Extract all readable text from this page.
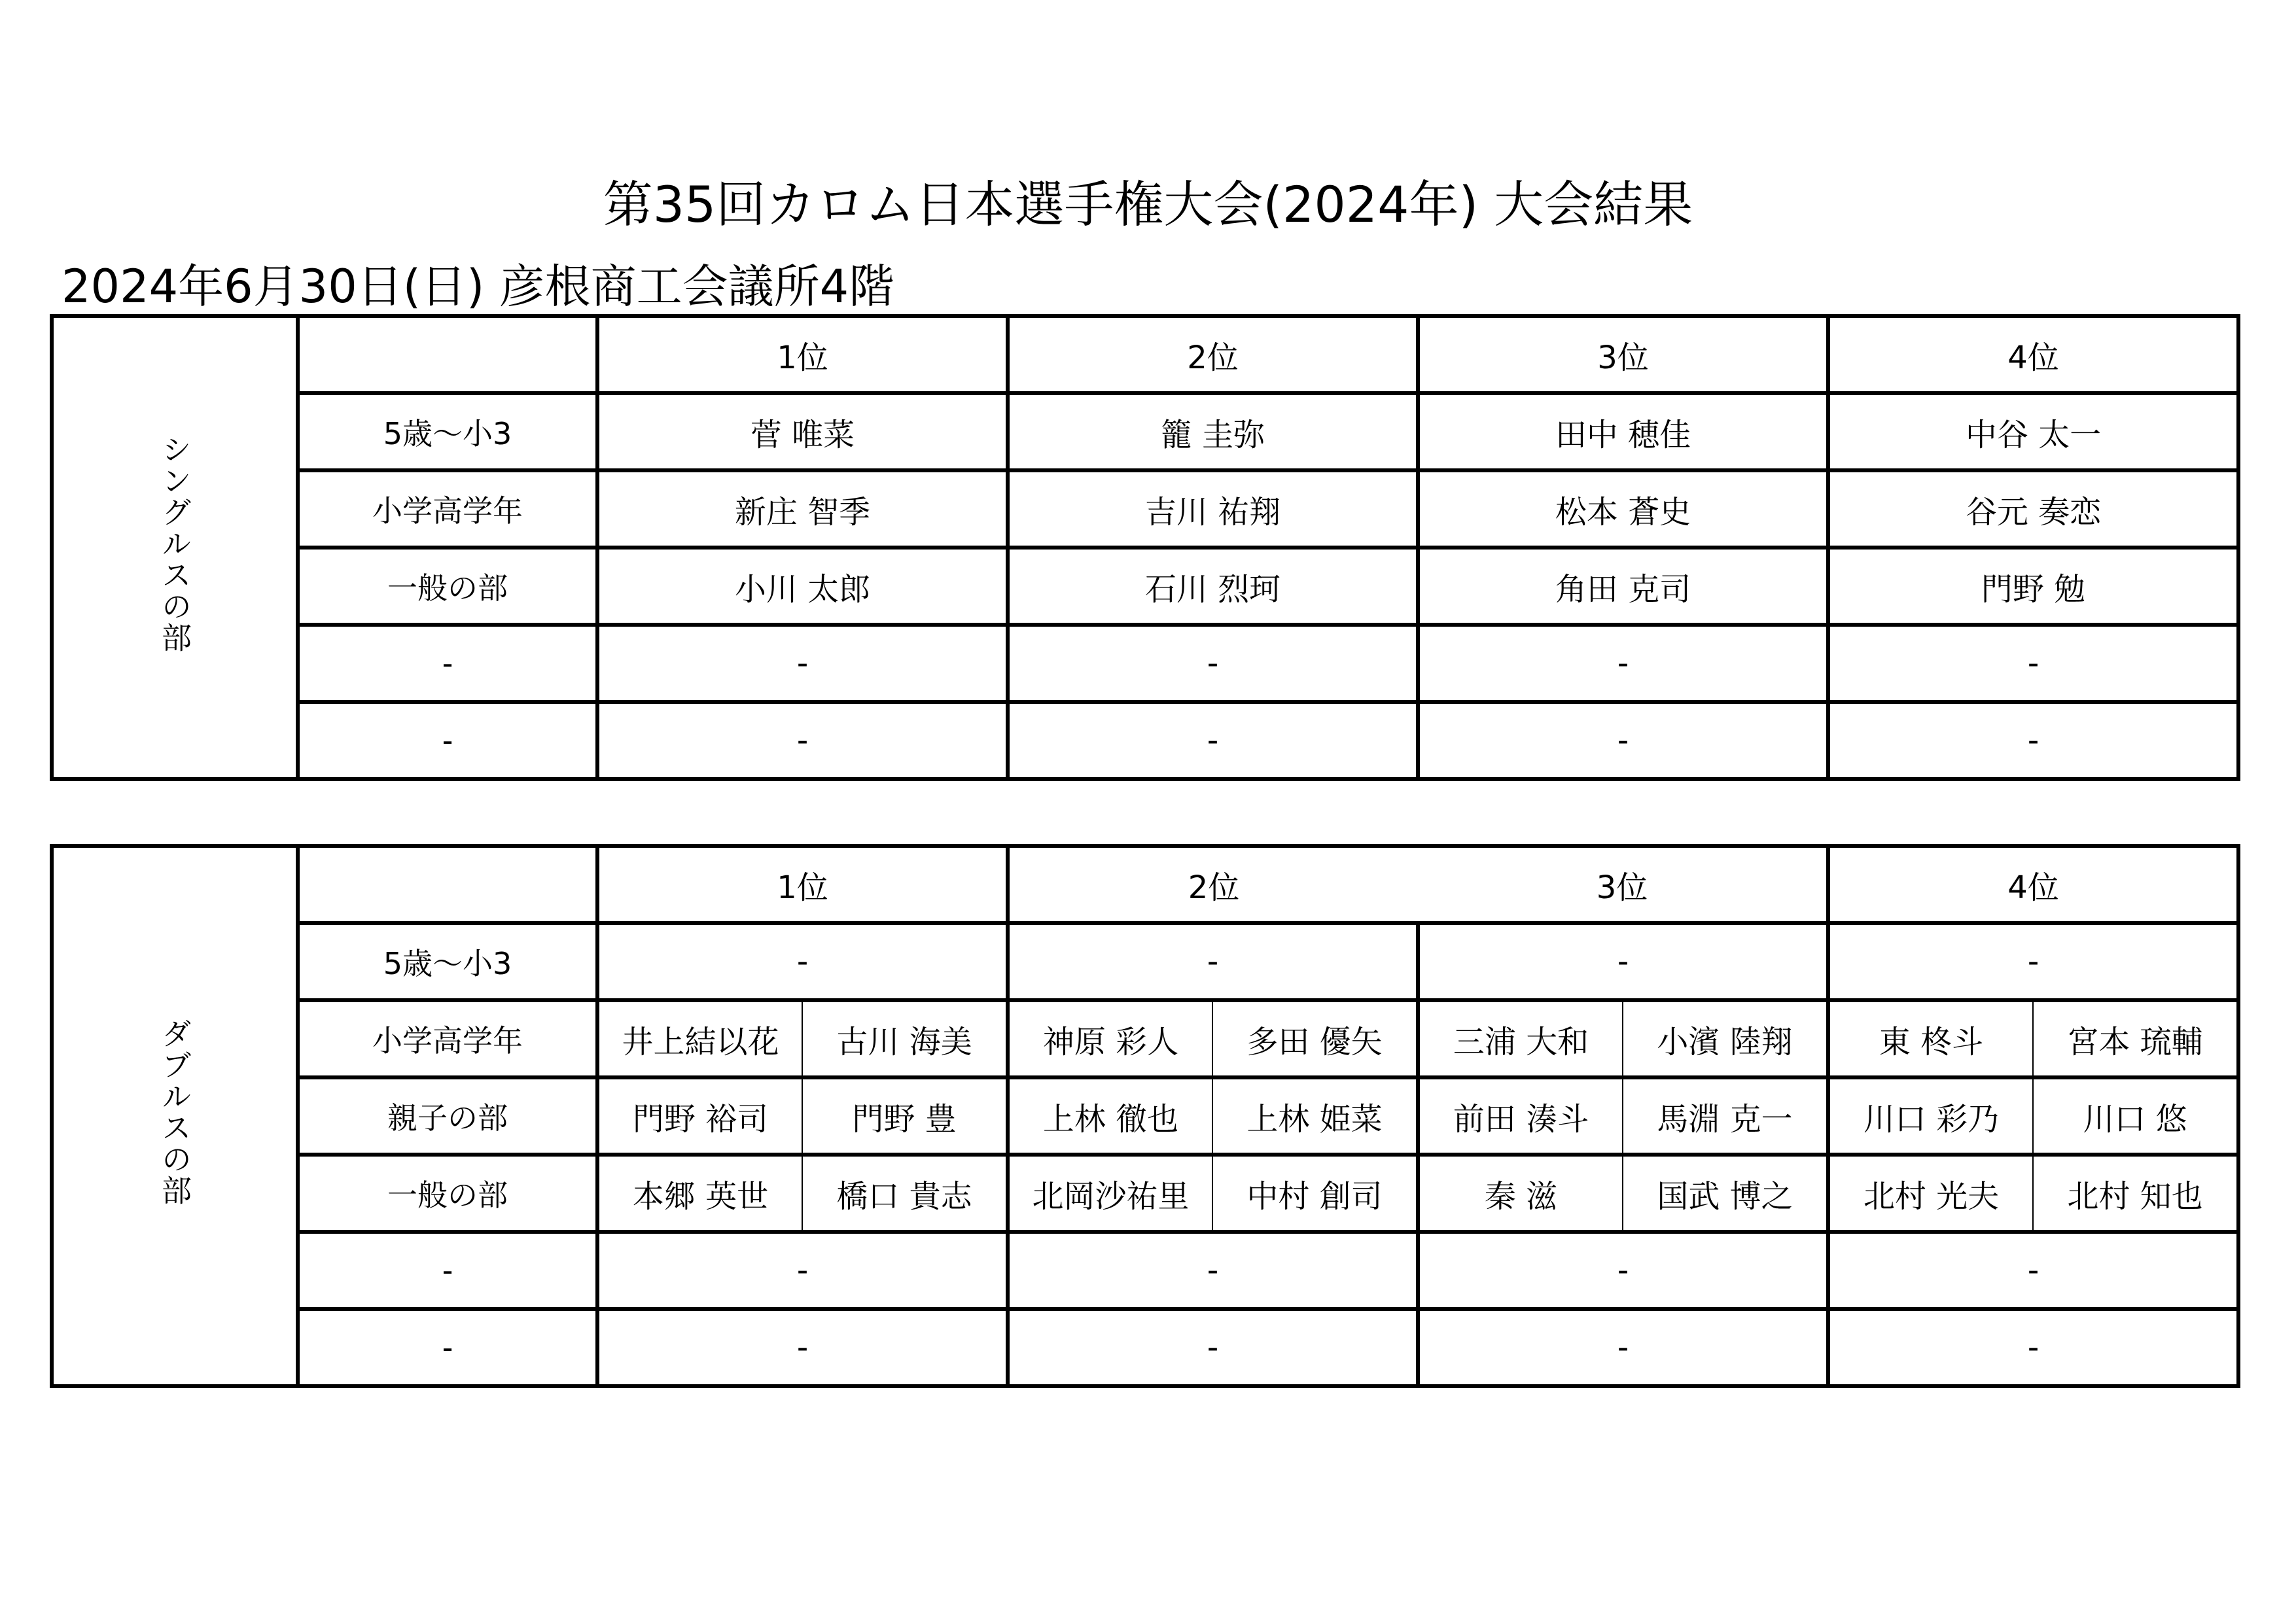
第35回カロム日本選手権大会(2024年) 大会結果
2024年6月30日(日) 彦根商工会議所4階
シングルスの部		1位	2位	3位	4位
	5歳〜小3	菅 唯菜	籠 圭弥	田中 穂佳	中谷 太一
	小学高学年	新庄 智季	吉川 祐翔	松本 蒼史	谷元 奏恋
	一般の部	小川 太郎	石川 烈珂	角田 克司	門野 勉
	-	-	-	-	-
	-	-	-	-	-
ダブルスの部		1位		2位		3位		4位	
	5歳〜小3	-		-		-		-	
	小学高学年	井上結以花	古川 海美	神原 彩人	多田 優矢	三浦 大和	小濱 陸翔	東 柊斗	宮本 琉輔
	親子の部	門野 裕司	門野 豊	上林 徹也	上林 姫菜	前田 湊斗	馬淵 克一	川口 彩乃	川口 悠
	一般の部	本郷 英世	橋口 貴志	北岡沙祐里	中村 創司	秦 滋	国武 博之	北村 光夫	北村 知也
	-	-		-		-		-	
	-	-		-		-		-	
